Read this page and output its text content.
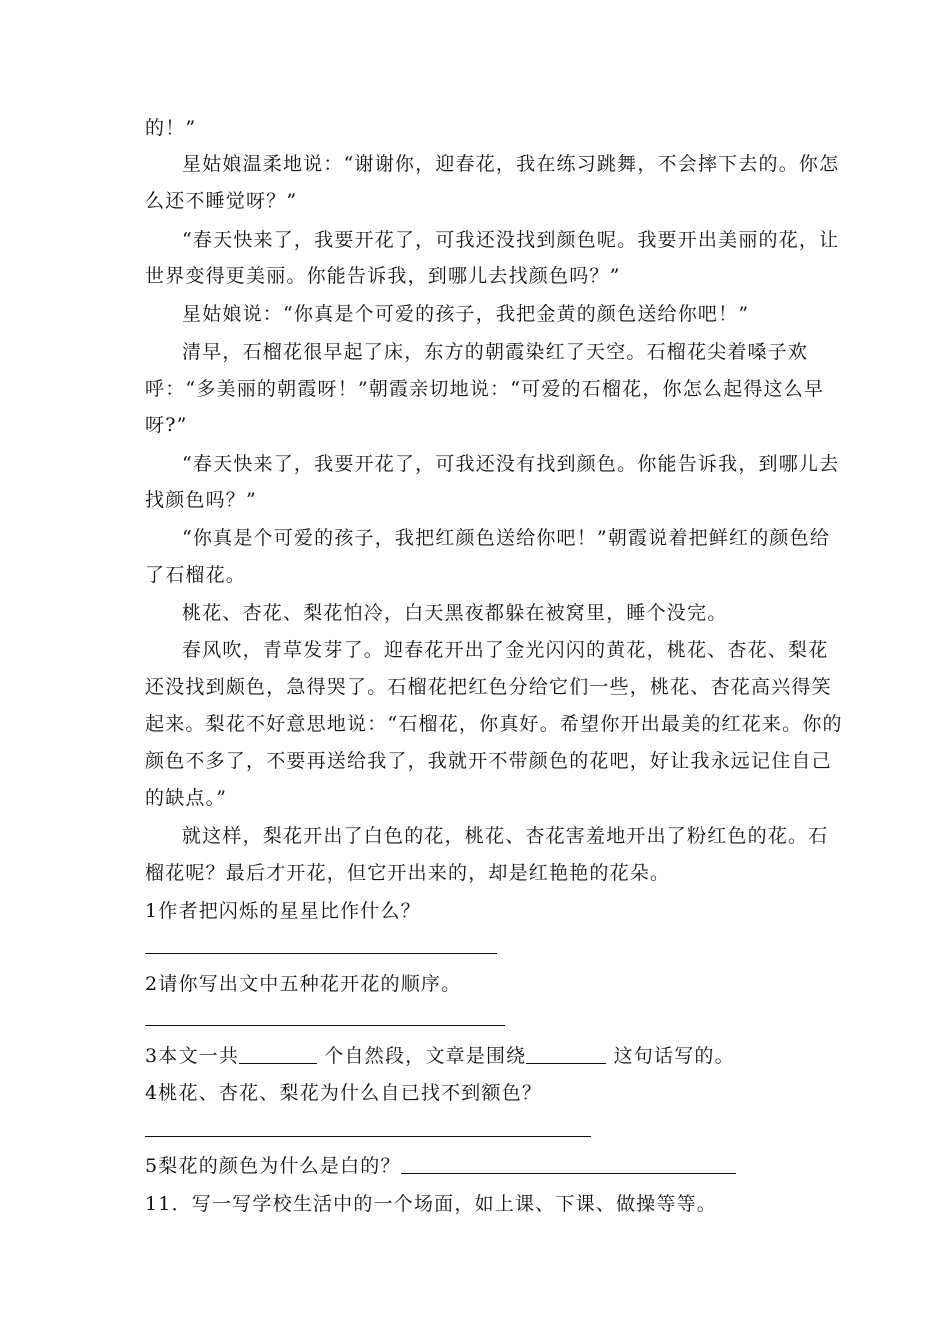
的！”
星姑娘温柔地说：“谢谢你，迎春花，我在练习跳舞，不会摔下去的。你怎
么还不睡觉呀？”
“春天快来了，我要开花了，可我还没找到颜色呢。我要开出美丽的花，让
世界变得更美丽。你能告诉我，到哪儿去找颜色吗？”
星姑娘说：“你真是个可爱的孩子，我把金黄的颜色送给你吧！”
清早，石榴花很早起了床，东方的朝霞染红了天空。石榴花尖着嗓子欢
呼：“多美丽的朝霞呀！”朝霞亲切地说：“可爱的石榴花，你怎么起得这么早
呀?”
“春天快来了，我要开花了，可我还没有找到颜色。你能告诉我，到哪儿去
找颜色吗？”
“你真是个可爱的孩子，我把红颜色送给你吧！”朝霞说着把鲜红的颜色给
了石榴花。
桃花、杏花、梨花怕冷，白天黑夜都躲在被窝里，睡个没完。
春风吹，青草发芽了。迎春花开出了金光闪闪的黄花，桃花、杏花、梨花
还没找到颇色，急得哭了。石榴花把红色分给它们一些，桃花、杏花高兴得笑
起来。梨花不好意思地说：“石榴花，你真好。希望你开出最美的红花来。你的
颜色不多了，不要再送给我了，我就开不带颜色的花吧，好让我永远记住自己
的缺点。”
就这样，梨花开出了白色的花，桃花、杏花害羞地开出了粉红色的花。石
榴花呢？最后才开花，但它开出来的，却是红艳艳的花朵。
1作者把闪烁的星星比作什么？
2请你写出文中五种花开花的顺序。
3本文一共	个自然段，文章是围绕	这句话写的。
4桃花、杏花、梨花为什么自已找不到额色？
5梨花的颜色为什么是白的？
11．写一写学校生活中的一个场面，如上课、下课、做操等等。
